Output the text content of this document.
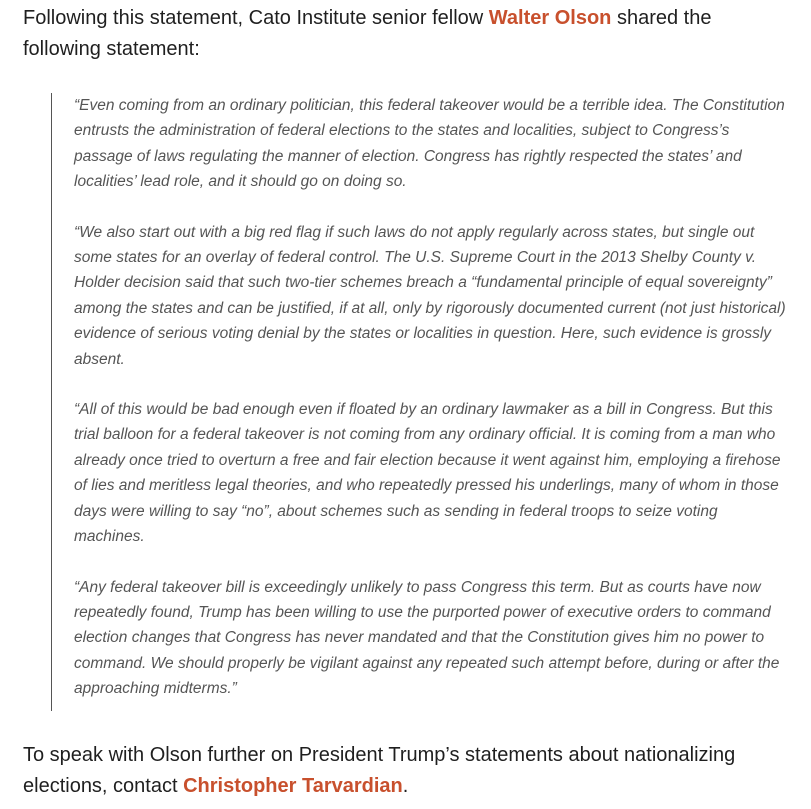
Following this statement, Cato Institute senior fellow Walter Olson shared the following statement:

“Even coming from an ordinary politician, this federal takeover would be a terrible idea. The Constitution entrusts the administration of federal elections to the states and localities, subject to Congress’s passage of laws regulating the manner of election. Congress has rightly respected the states’ and localities’ lead role, and it should go on doing so.

“We also start out with a big red flag if such laws do not apply regularly across states, but single out some states for an overlay of federal control. The U.S. Supreme Court in the 2013 Shelby County v. Holder decision said that such two-tier schemes breach a “fundamental principle of equal sovereignty” among the states and can be justified, if at all, only by rigorously documented current (not just historical) evidence of serious voting denial by the states or localities in question. Here, such evidence is grossly absent.

“All of this would be bad enough even if floated by an ordinary lawmaker as a bill in Congress. But this trial balloon for a federal takeover is not coming from any ordinary official. It is coming from a man who already once tried to overturn a free and fair election because it went against him, employing a firehose of lies and meritless legal theories, and who repeatedly pressed his underlings, many of whom in those days were willing to say “no”, about schemes such as sending in federal troops to seize voting machines.

“Any federal takeover bill is exceedingly unlikely to pass Congress this term. But as courts have now repeatedly found, Trump has been willing to use the purported power of executive orders to command election changes that Congress has never mandated and that the Constitution gives him no power to command. We should properly be vigilant against any repeated such attempt before, during or after the approaching midterms.”

To speak with Olson further on President Trump’s statements about nationalizing elections, contact Christopher Tarvardian.
